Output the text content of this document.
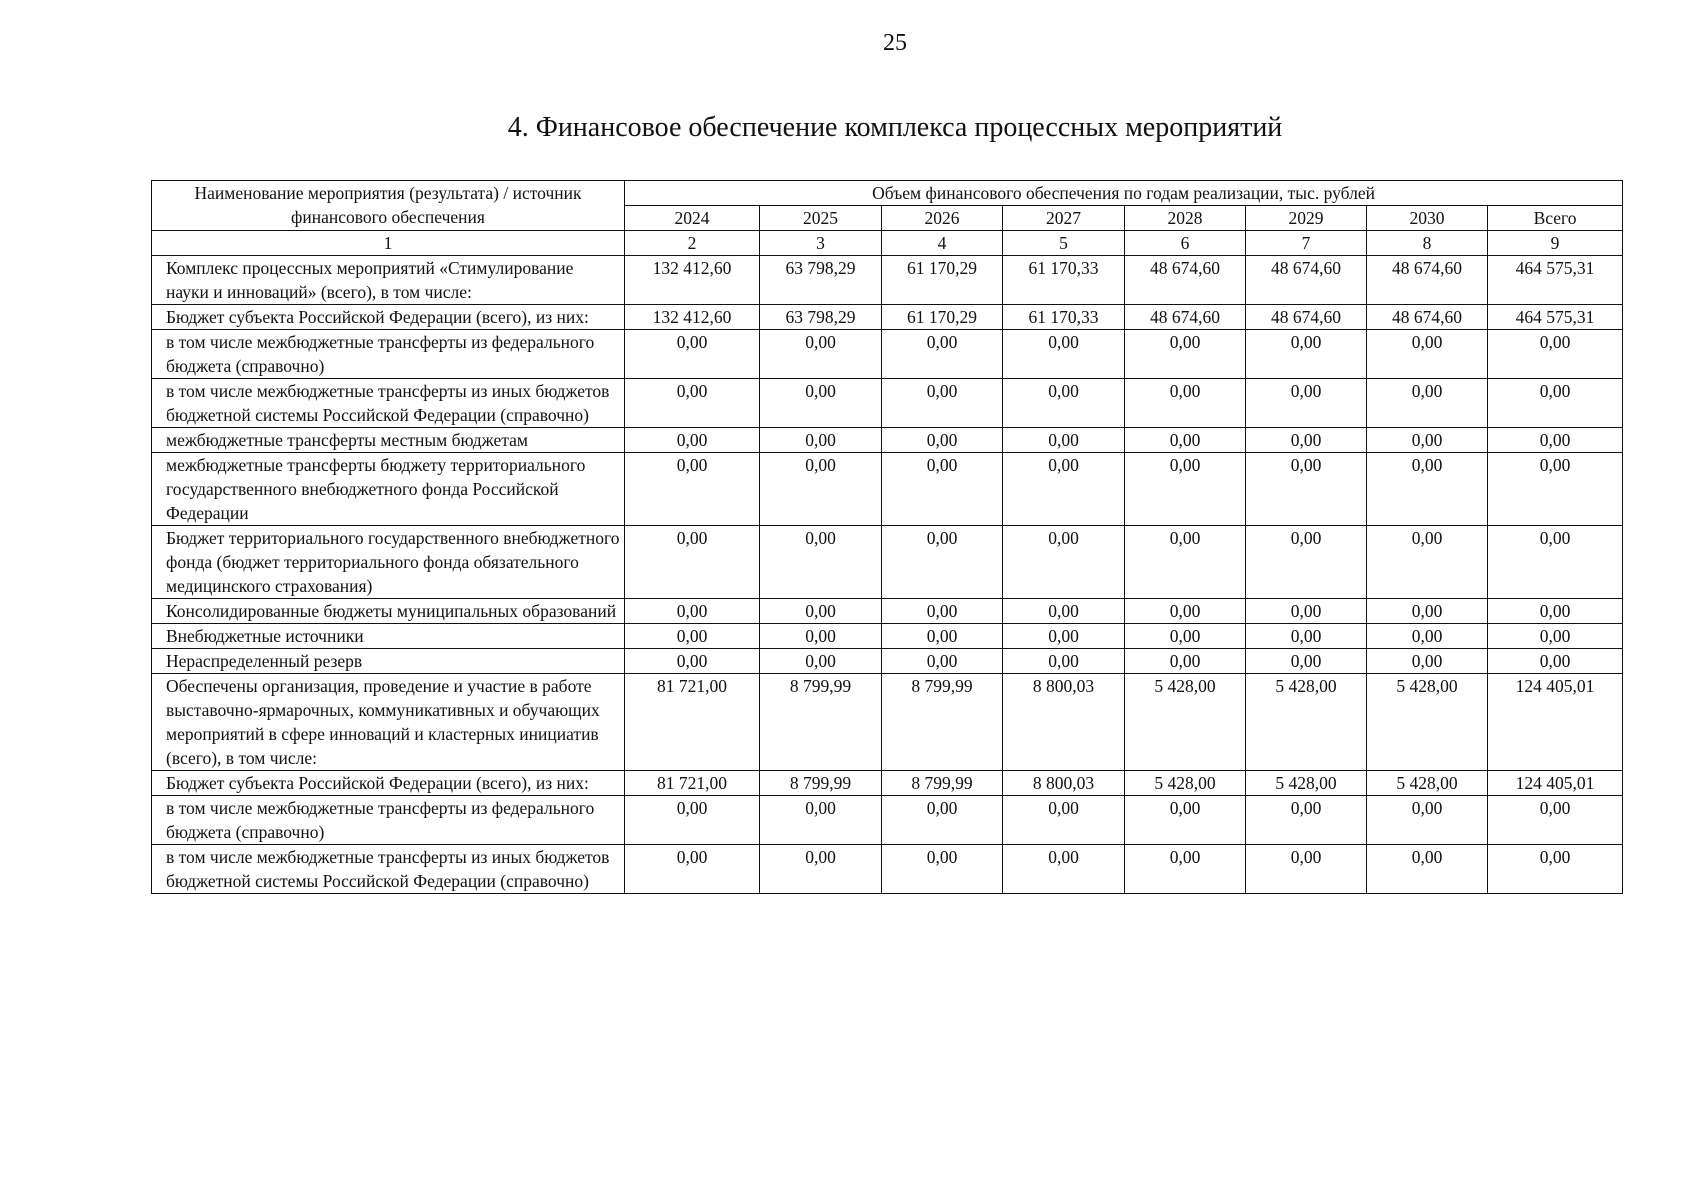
25
4. Финансовое обеспечение комплекса процессных мероприятий
Наименование мероприятия (результата) / источник финансового обеспечения	Объем финансового обеспечения по годам реализации, тыс. рублей							
	2024	2025	2026	2027	2028	2029	2030	Всего
1	2	3	4	5	6	7	8	9
Комплекс процессных мероприятий «Стимулирование науки и инноваций» (всего), в том числе:	132 412,60	63 798,29	61 170,29	61 170,33	48 674,60	48 674,60	48 674,60	464 575,31
Бюджет субъекта Российской Федерации (всего), из них:	132 412,60	63 798,29	61 170,29	61 170,33	48 674,60	48 674,60	48 674,60	464 575,31
в том числе межбюджетные трансферты из федерального бюджета (справочно)	0,00	0,00	0,00	0,00	0,00	0,00	0,00	0,00
в том числе межбюджетные трансферты из иных бюджетов бюджетной системы Российской Федерации (справочно)	0,00	0,00	0,00	0,00	0,00	0,00	0,00	0,00
межбюджетные трансферты местным бюджетам	0,00	0,00	0,00	0,00	0,00	0,00	0,00	0,00
межбюджетные трансферты бюджету территориального государственного внебюджетного фонда Российской Федерации	0,00	0,00	0,00	0,00	0,00	0,00	0,00	0,00
Бюджет территориального государственного внебюджетного фонда (бюджет территориального фонда обязательного медицинского страхования)	0,00	0,00	0,00	0,00	0,00	0,00	0,00	0,00
Консолидированные бюджеты муниципальных образований	0,00	0,00	0,00	0,00	0,00	0,00	0,00	0,00
Внебюджетные источники	0,00	0,00	0,00	0,00	0,00	0,00	0,00	0,00
Нераспределенный резерв	0,00	0,00	0,00	0,00	0,00	0,00	0,00	0,00
Обеспечены организация, проведение и участие в работе выставочно-ярмарочных, коммуникативных и обучающих мероприятий в сфере инноваций и кластерных инициатив (всего), в том числе:	81 721,00	8 799,99	8 799,99	8 800,03	5 428,00	5 428,00	5 428,00	124 405,01
Бюджет субъекта Российской Федерации (всего), из них:	81 721,00	8 799,99	8 799,99	8 800,03	5 428,00	5 428,00	5 428,00	124 405,01
в том числе межбюджетные трансферты из федерального бюджета (справочно)	0,00	0,00	0,00	0,00	0,00	0,00	0,00	0,00
в том числе межбюджетные трансферты из иных бюджетов бюджетной системы Российской Федерации (справочно)	0,00	0,00	0,00	0,00	0,00	0,00	0,00	0,00
